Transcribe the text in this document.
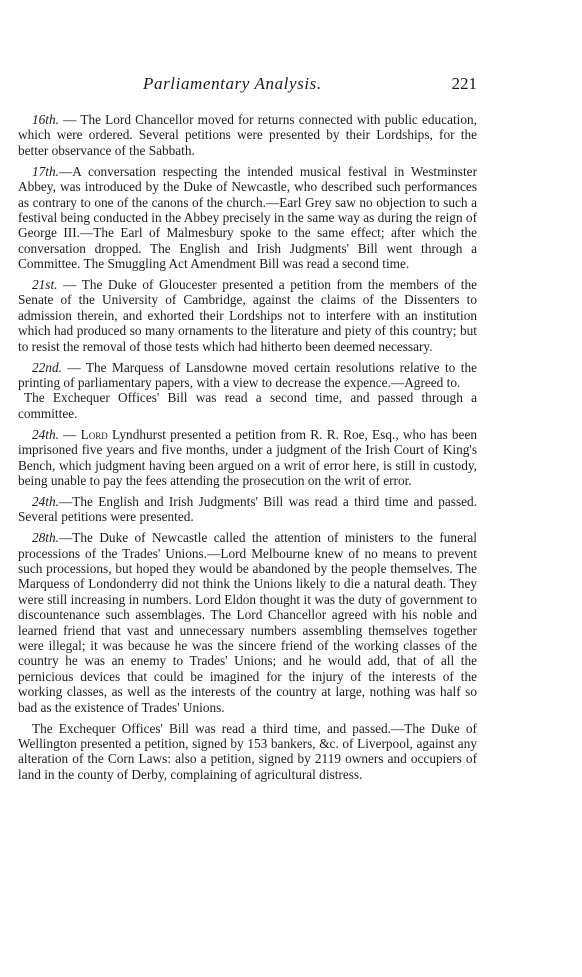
Parliamentary Analysis.	221

16th. — The Lord Chancellor moved for returns connected with public education, which were ordered. Several petitions were presented by their Lordships, for the better observance of the Sabbath.

17th.—A conversation respecting the intended musical festival in Westminster Abbey, was introduced by the Duke of Newcastle, who described such performances as contrary to one of the canons of the church.—Earl Grey saw no objection to such a festival being conducted in the Abbey precisely in the same way as during the reign of George III.—The Earl of Malmesbury spoke to the same effect; after which the conversation dropped. The English and Irish Judgments' Bill went through a Committee. The Smuggling Act Amendment Bill was read a second time.

21st. — The Duke of Gloucester presented a petition from the members of the Senate of the University of Cambridge, against the claims of the Dissenters to admission therein, and exhorted their Lordships not to interfere with an institution which had produced so many ornaments to the literature and piety of this country; but to resist the removal of those tests which had hitherto been deemed necessary.

22nd. — The Marquess of Lansdowne moved certain resolutions relative to the printing of parliamentary papers, with a view to decrease the expence.—Agreed to.

The Exchequer Offices' Bill was read a second time, and passed through a committee.

24th. — Lord Lyndhurst presented a petition from R. R. Roe, Esq., who has been imprisoned five years and five months, under a judgment of the Irish Court of King's Bench, which judgment having been argued on a writ of error here, is still in custody, being unable to pay the fees attending the prosecution on the writ of error.

24th.—The English and Irish Judgments' Bill was read a third time and passed. Several petitions were presented.

28th.—The Duke of Newcastle called the attention of ministers to the funeral processions of the Trades' Unions.—Lord Melbourne knew of no means to prevent such processions, but hoped they would be abandoned by the people themselves. The Marquess of Londonderry did not think the Unions likely to die a natural death. They were still increasing in numbers. Lord Eldon thought it was the duty of government to discountenance such assemblages. The Lord Chancellor agreed with his noble and learned friend that vast and unnecessary numbers assembling themselves together were illegal; it was because he was the sincere friend of the working classes of the country he was an enemy to Trades' Unions; and he would add, that of all the pernicious devices that could be imagined for the injury of the interests of the working classes, as well as the interests of the country at large, nothing was half so bad as the existence of Trades' Unions.

The Exchequer Offices' Bill was read a third time, and passed.—The Duke of Wellington presented a petition, signed by 153 bankers, &c. of Liverpool, against any alteration of the Corn Laws: also a petition, signed by 2119 owners and occupiers of land in the county of Derby, complaining of agricultural distress.
